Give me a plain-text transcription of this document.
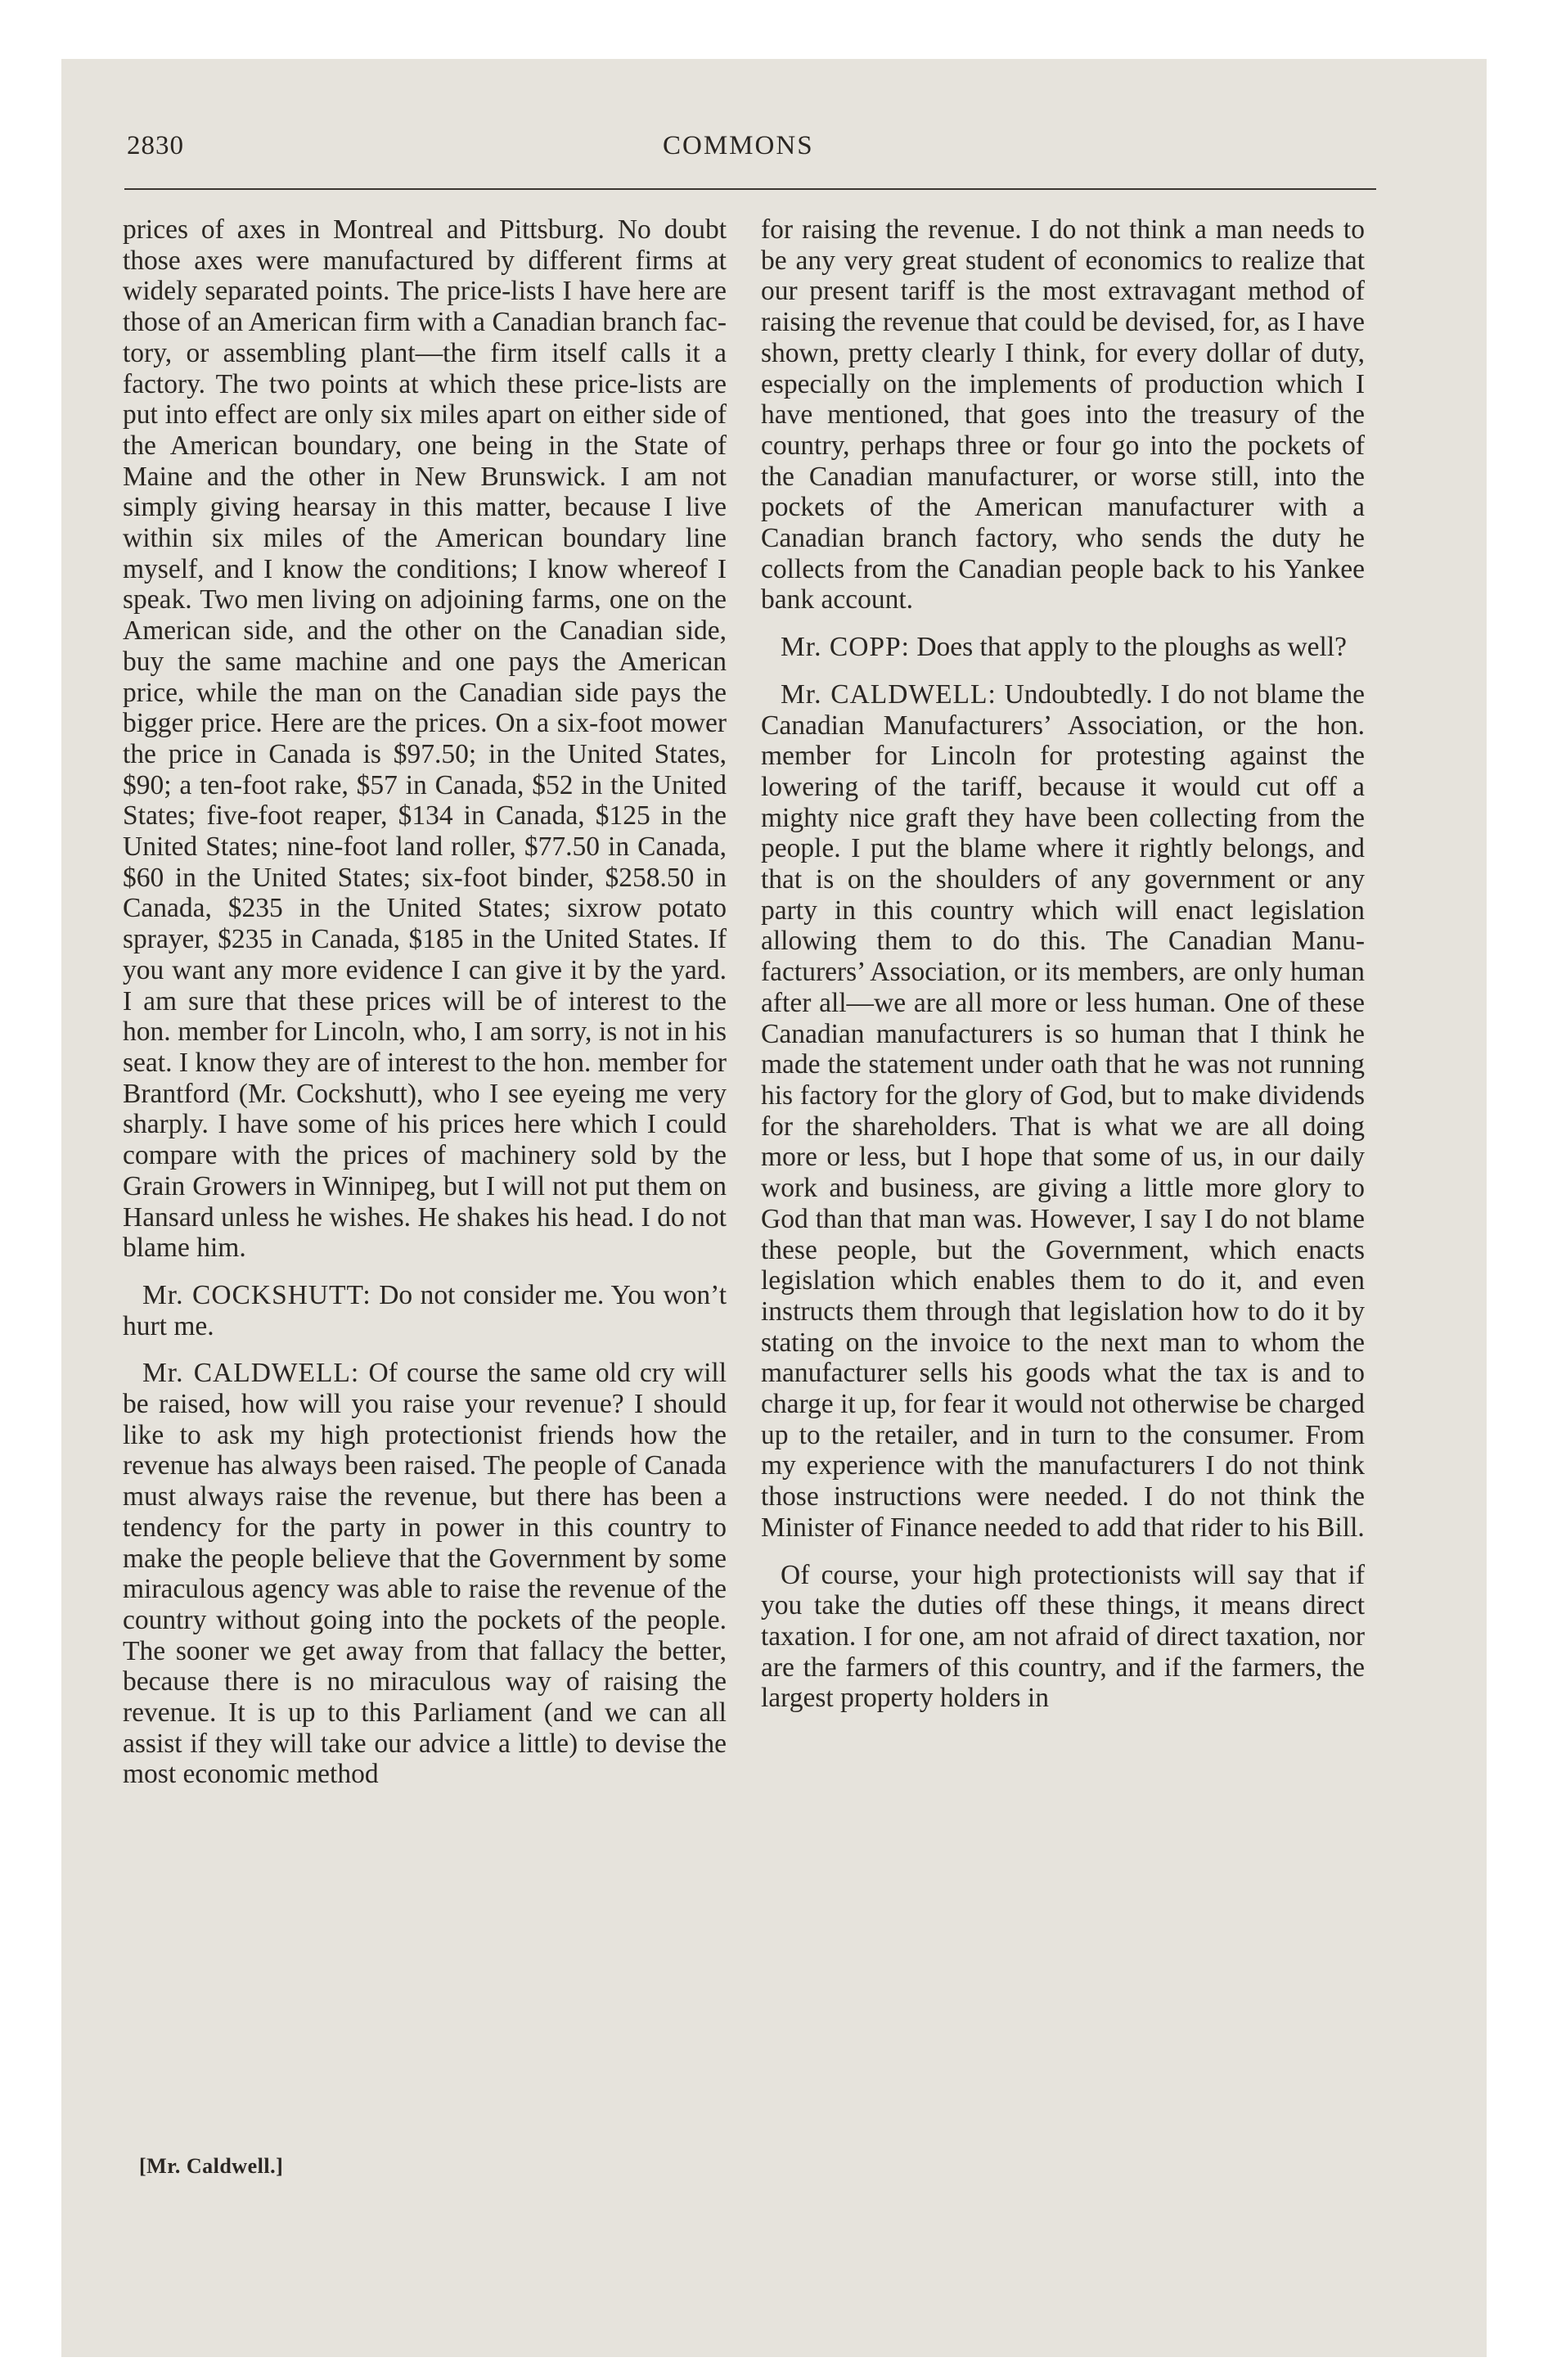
2830	COMMONS

prices of axes in Montreal and Pittsburg. No doubt those axes were manufactured by different firms at widely separated points. The price-lists I have here are those of an American firm with a Canadian branch factory, or assembling plant—the firm itself calls it a factory. The two points at which these price-lists are put into effect are only six miles apart on either side of the American boundary, one being in the State of Maine and the other in New Brunswick. I am not simply giving hearsay in this matter, because I live within six miles of the American boundary line myself, and I know the conditions; I know whereof I speak. Two men living on adjoining farms, one on the American side, and the other on the Canadian side, buy the same machine and one pays the American price, while the man on the Canadian side pays the bigger price. Here are the prices. On a six-foot mower the price in Canada is $97.50; in the United States, $90; a ten-foot rake, $57 in Canada, $52 in the United States; five-foot reaper, $134 in Canada, $125 in the United States; nine-foot land roller, $77.50 in Canada, $60 in the United States; six-foot binder, $258.50 in Canada, $235 in the United States; sixrow potato sprayer, $235 in Canada, $185 in the United States. If you want any more evidence I can give it by the yard. I am sure that these prices will be of interest to the hon. member for Lincoln, who, I am sorry, is not in his seat. I know they are of interest to the hon. member for Brantford (Mr. Cockshutt), who I see eyeing me very sharply. I have some of his prices here which I could compare with the prices of machinery sold by the Grain Growers in Winnipeg, but I will not put them on Hansard unless he wishes. He shakes his head. I do not blame him.

Mr. COCKSHUTT: Do not consider me. You won’t hurt me.

Mr. CALDWELL: Of course the same old cry will be raised, how will you raise your revenue? I should like to ask my high protectionist friends how the revenue has always been raised. The people of Canada must always raise the revenue, but there has been a tendency for the party in power in this country to make the people believe that the Government by some miraculous agency was able to raise the revenue of the country without going into the pockets of the people. The sooner we get away from that fallacy the better, because there is no miraculous way of raising the revenue. It is up to this Parliament (and we can all assist if they will take our advice a little) to devise the most economic method

for raising the revenue. I do not think a man needs to be any very great student of economics to realize that our present tariff is the most extravagant method of raising the revenue that could be devised, for, as I have shown, pretty clearly I think, for every dollar of duty, especially on the implements of production which I have mentioned, that goes into the treasury of the country, perhaps three or four go into the pockets of the Canadian manufacturer, or worse still, into the pockets of the American manufacturer with a Canadian branch factory, who sends the duty he collects from the Canadian people back to his Yankee bank account.

Mr. COPP: Does that apply to the ploughs as well?

Mr. CALDWELL: Undoubtedly. I do not blame the Canadian Manufacturers’ Association, or the hon. member for Lincoln for protesting against the lowering of the tariff, because it would cut off a mighty nice graft they have been collecting from the people. I put the blame where it rightly belongs, and that is on the shoulders of any government or any party in this country which will enact legislation allowing them to do this. The Canadian Manufacturers’ Association, or its members, are only human after all—we are all more or less human. One of these Canadian manufacturers is so human that I think he made the statement under oath that he was not running his factory for the glory of God, but to make dividends for the shareholders. That is what we are all doing more or less, but I hope that some of us, in our daily work and business, are giving a little more glory to God than that man was. However, I say I do not blame these people, but the Government, which enacts legislation which enables them to do it, and even instructs them through that legislation how to do it by stating on the invoice to the next man to whom the manufacturer sells his goods what the tax is and to charge it up, for fear it would not otherwise be charged up to the retailer, and in turn to the consumer. From my experience with the manufacturers I do not think those instructions were needed. I do not think the Minister of Finance needed to add that rider to his Bill.

Of course, your high protectionists will say that if you take the duties off these things, it means direct taxation. I for one, am not afraid of direct taxation, nor are the farmers of this country, and if the farmers, the largest property holders in

[Mr. Caldwell.]
